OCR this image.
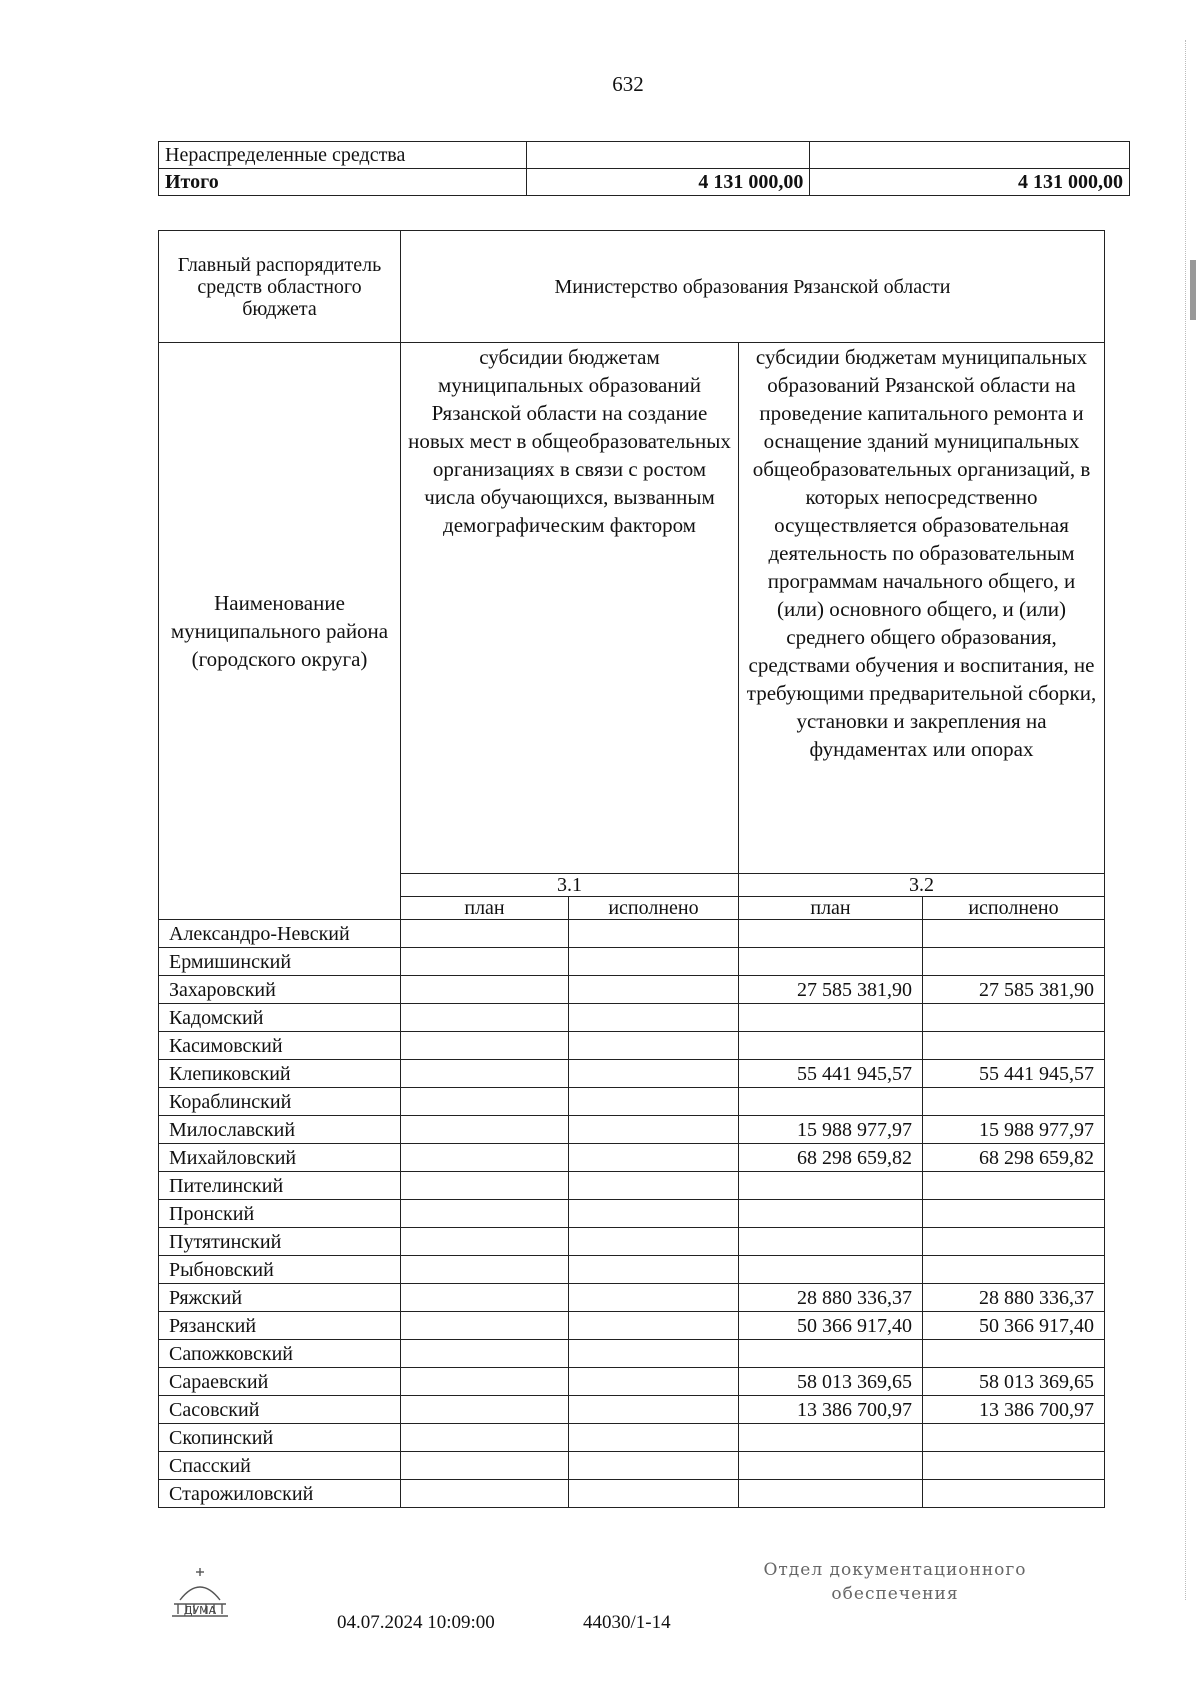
632
Нераспределенные средства		
Итого	4 131 000,00	4 131 000,00
Главный распорядитель средств областного бюджета	Министерство образования Рязанской области			
Наименование муниципального района (городского округа)	субсидии бюджетам муниципальных образований Рязанской области на создание новых мест в общеобразовательных организациях в связи с ростом числа обучающихся, вызванным демографическим фактором		субсидии бюджетам муниципальных образований Рязанской области на проведение капитального ремонта и оснащение зданий муниципальных общеобразовательных организаций, в которых непосредственно осуществляется образовательная деятельность по образовательным программам начального общего, и (или) основного общего, и (или) среднего общего образования, средствами обучения и воспитания, не требующими предварительной сборки, установки и закрепления на фундаментах или опорах	
	3.1		3.2	
	план	исполнено	план	исполнено
Александро-Невский				
Ермишинский				
Захаровский			27 585 381,90	27 585 381,90
Кадомский				
Касимовский				
Клепиковский			55 441 945,57	55 441 945,57
Кораблинский				
Милославский			15 988 977,97	15 988 977,97
Михайловский			68 298 659,82	68 298 659,82
Пителинский				
Пронский				
Путятинский				
Рыбновский				
Ряжский			28 880 336,37	28 880 336,37
Рязанский			50 366 917,40	50 366 917,40
Сапожковский				
Сараевский			58 013 369,65	58 013 369,65
Сасовский			13 386 700,97	13 386 700,97
Скопинский				
Спасский				
Старожиловский				
ДУМА
04.07.2024 10:09:00	44030/1-14
Отдел документационного
обеспечения
